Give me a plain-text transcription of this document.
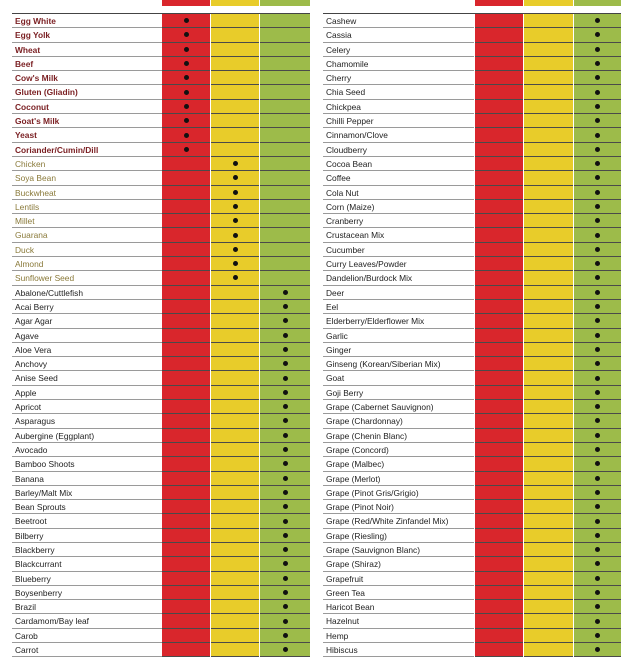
Egg White
Egg Yolk
Wheat
Beef
Cow's Milk
Gluten (Gliadin)
Coconut
Goat's Milk
Yeast
Coriander/Cumin/Dill
Chicken
Soya Bean
Buckwheat
Lentils
Millet
Guarana
Duck
Almond
Sunflower Seed
Abalone/Cuttlefish
Acai Berry
Agar Agar
Agave
Aloe Vera
Anchovy
Anise Seed
Apple
Apricot
Asparagus
Aubergine (Eggplant)
Avocado
Bamboo Shoots
Banana
Barley/Malt Mix
Bean Sprouts
Beetroot
Bilberry
Blackberry
Blackcurrant
Blueberry
Boysenberry
Brazil
Cardamom/Bay leaf
Carob
Carrot
Cashew
Cassia
Celery
Chamomile
Cherry
Chia Seed
Chickpea
Chilli Pepper
Cinnamon/Clove
Cloudberry
Cocoa Bean
Coffee
Cola Nut
Corn (Maize)
Cranberry
Crustacean Mix
Cucumber
Curry Leaves/Powder
Dandelion/Burdock Mix
Deer
Eel
Elderberry/Elderflower Mix
Garlic
Ginger
Ginseng (Korean/Siberian Mix)
Goat
Goji Berry
Grape (Cabernet Sauvignon)
Grape (Chardonnay)
Grape (Chenin Blanc)
Grape (Concord)
Grape (Malbec)
Grape (Merlot)
Grape (Pinot Gris/Grigio)
Grape (Pinot Noir)
Grape (Red/White Zinfandel Mix)
Grape (Riesling)
Grape (Sauvignon Blanc)
Grape (Shiraz)
Grapefruit
Green Tea
Haricot Bean
Hazelnut
Hemp
Hibiscus
